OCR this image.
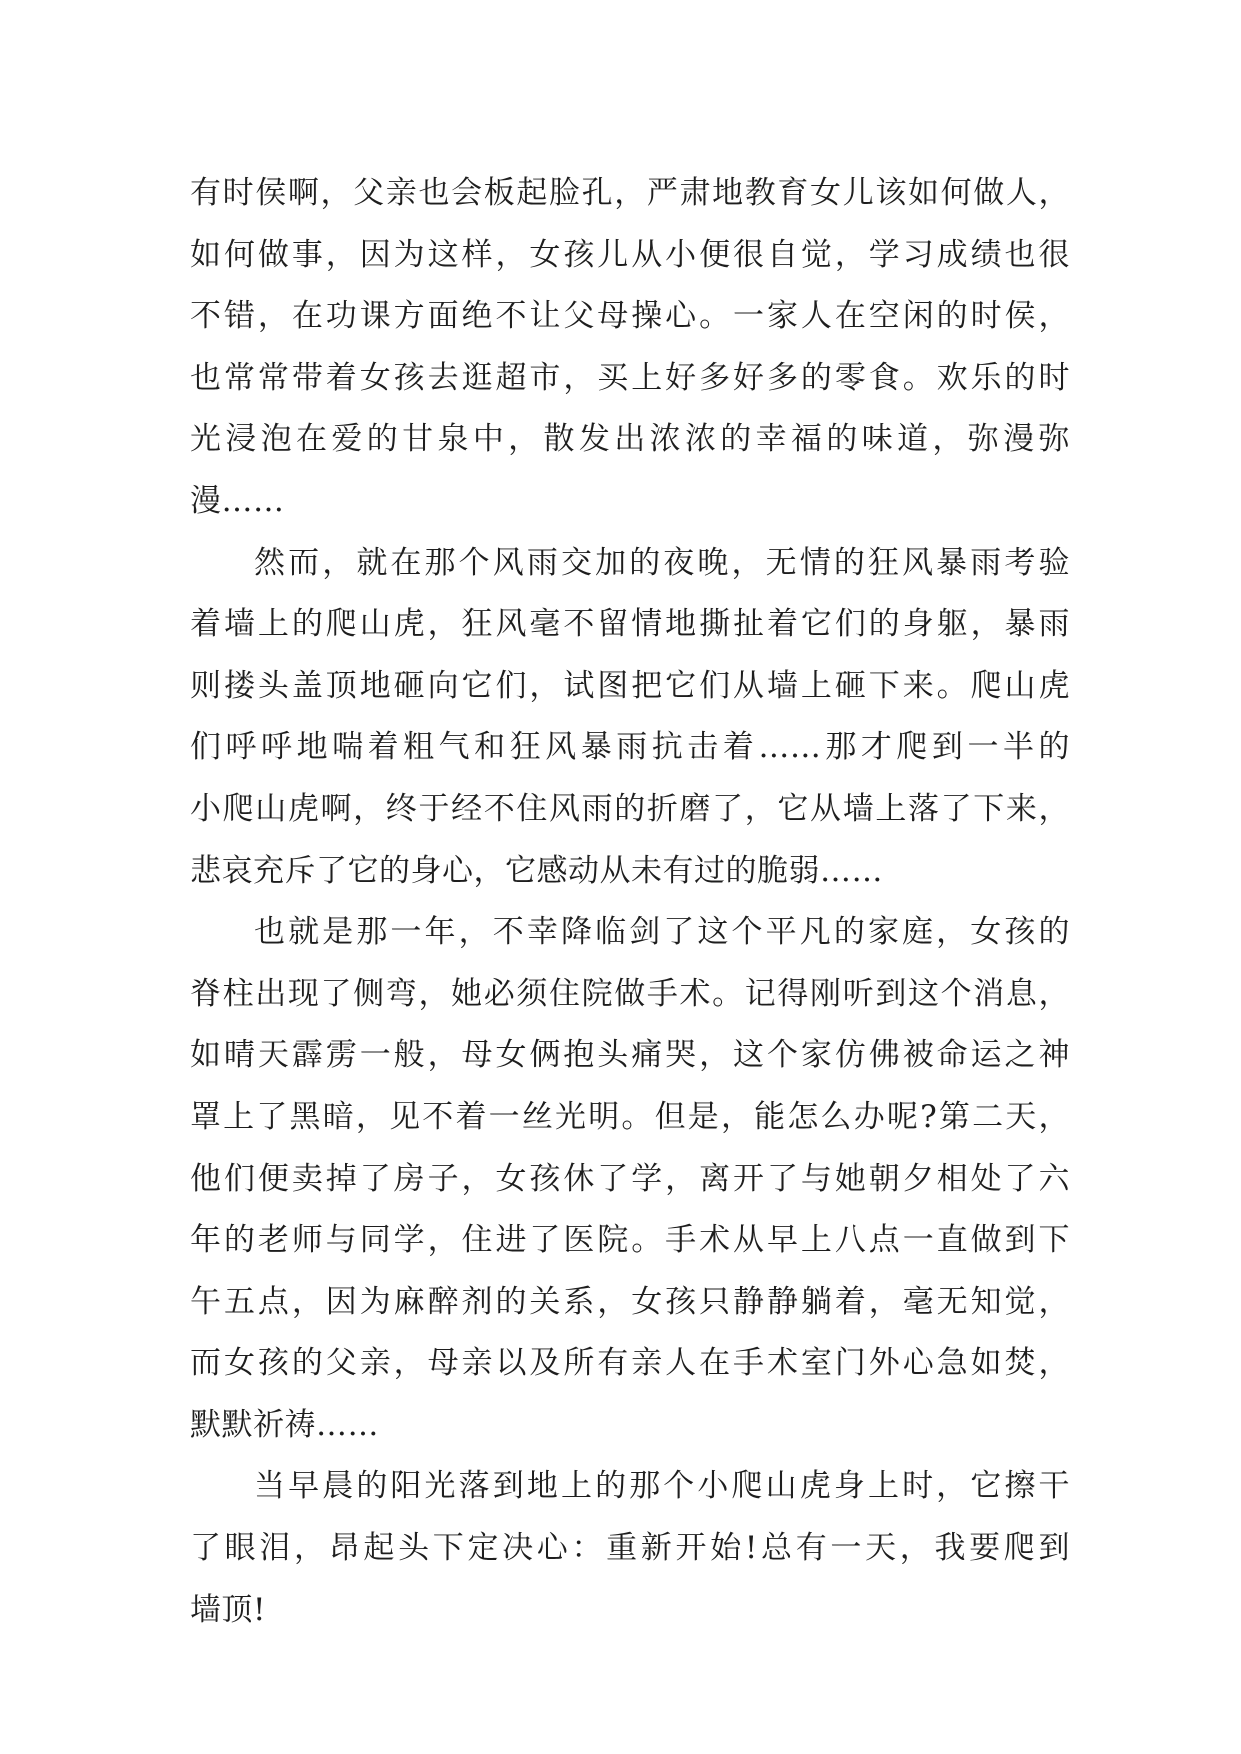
有时侯啊，父亲也会板起脸孔，严肃地教育女儿该如何做人，
如何做事，因为这样，女孩儿从小便很自觉，学习成绩也很
不错，在功课方面绝不让父母操心。一家人在空闲的时侯，
也常常带着女孩去逛超市，买上好多好多的零食。欢乐的时
光浸泡在爱的甘泉中，散发出浓浓的幸福的味道，弥漫弥
漫……
然而，就在那个风雨交加的夜晚，无情的狂风暴雨考验
着墙上的爬山虎，狂风毫不留情地撕扯着它们的身躯，暴雨
则搂头盖顶地砸向它们，试图把它们从墙上砸下来。爬山虎
们呼呼地喘着粗气和狂风暴雨抗击着……那才爬到一半的
小爬山虎啊，终于经不住风雨的折磨了，它从墙上落了下来，
悲哀充斥了它的身心，它感动从未有过的脆弱……
也就是那一年，不幸降临剑了这个平凡的家庭，女孩的
脊柱出现了侧弯，她必须住院做手术。记得刚听到这个消息，
如晴天霹雳一般，母女俩抱头痛哭，这个家仿佛被命运之神
罩上了黑暗，见不着一丝光明。但是，能怎么办呢?第二天，
他们便卖掉了房子，女孩休了学，离开了与她朝夕相处了六
年的老师与同学，住进了医院。手术从早上八点一直做到下
午五点，因为麻醉剂的关系，女孩只静静躺着，毫无知觉，
而女孩的父亲，母亲以及所有亲人在手术室门外心急如焚，
默默祈祷……
当早晨的阳光落到地上的那个小爬山虎身上时，它擦干
了眼泪，昂起头下定决心：重新开始!总有一天，我要爬到
墙顶!
